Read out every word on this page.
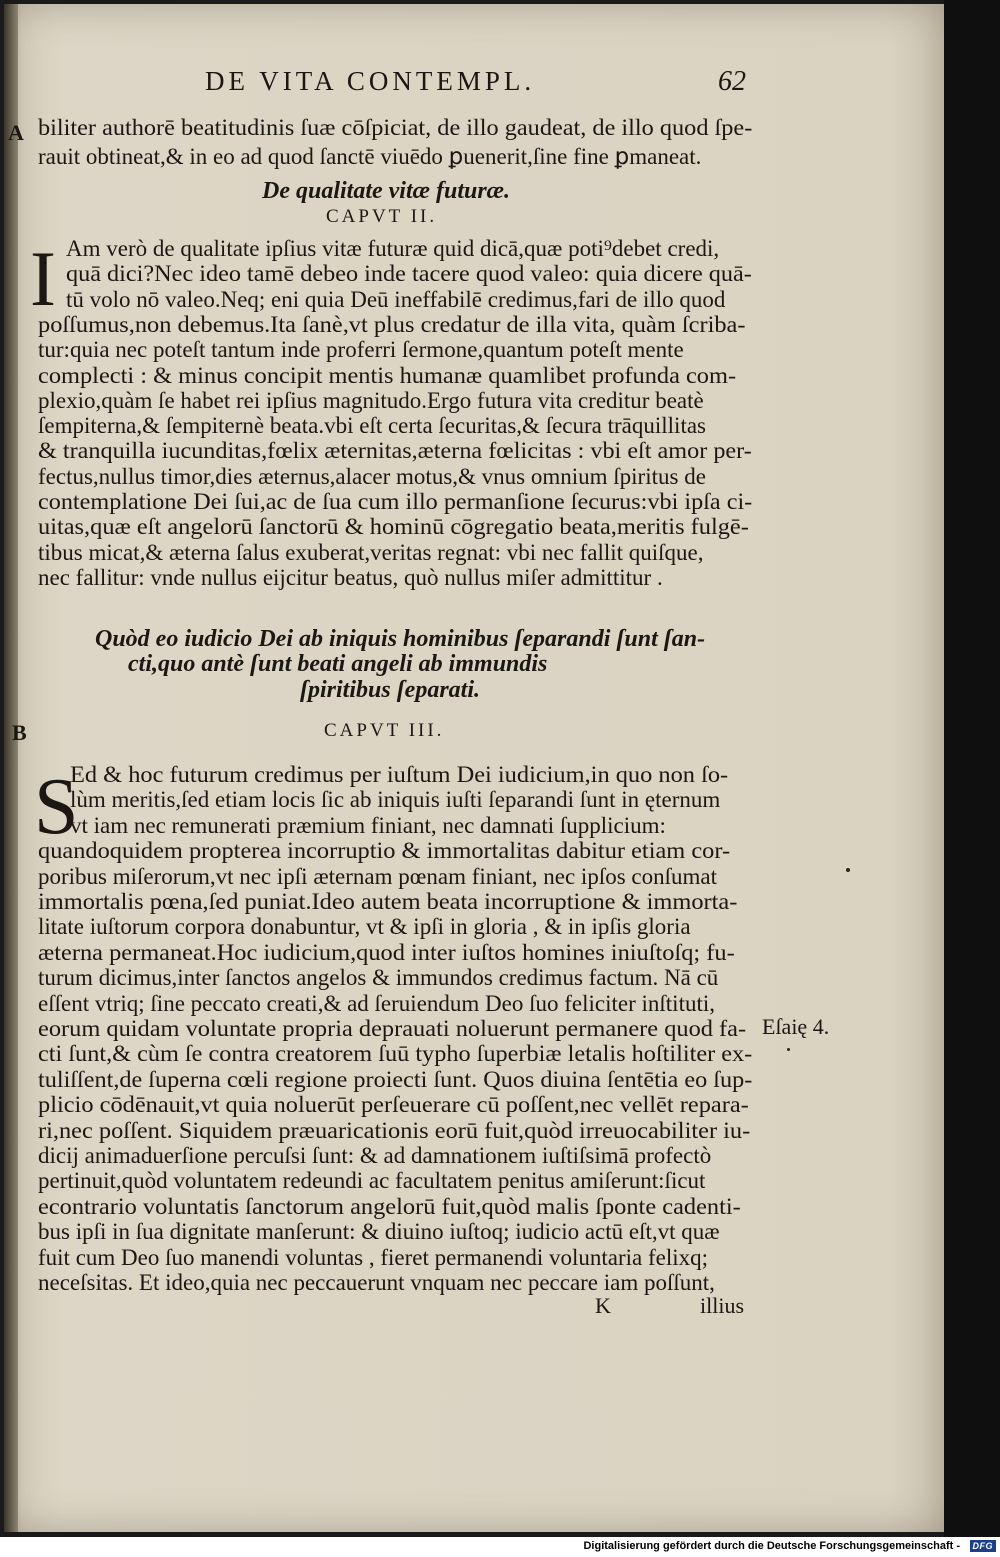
DE VITA CONTEMPL.	62
A biliter authorē beatitudinis ſuæ cōſpiciat, de illo gaudeat, de illo quod ſpe-
rauit obtineat,& in eo ad quod ſanctē viuēdo ꝑuenerit,ſine fine ꝑmaneat.
De qualitate vitæ futuræ.
CAPVT II.
I Am verò de qualitate ipſius vitæ futuræ quid dicā,quæ poti⁹debet credi,
quā dici?Nec ideo tamē debeo inde tacere quod valeo: quia dicere quā-
tū volo nō valeo.Neq; eni quia Deū ineffabilē credimus,fari de illo quod
poſſumus,non debemus.Ita ſanè,vt plus credatur de illa vita, quàm ſcriba-
tur:quia nec poteſt tantum inde proferri ſermone,quantum poteſt mente
complecti : & minus concipit mentis humanæ quamlibet profunda com-
plexio,quàm ſe habet rei ipſius magnitudo.Ergo futura vita creditur beatè
ſempiterna,& ſempiternè beata.vbi eſt certa ſecuritas,& ſecura trāquillitas
& tranquilla iucunditas,fœlix æternitas,æterna fœlicitas : vbi eſt amor per-
fectus,nullus timor,dies æternus,alacer motus,& vnus omnium ſpiritus de
contemplatione Dei ſui,ac de ſua cum illo permanſione ſecurus:vbi ipſa ci-
uitas,quæ eſt angelorū ſanctorū & hominū cōgregatio beata,meritis fulgē-
tibus micat,& æterna ſalus exuberat,veritas regnat: vbi nec fallit quiſque,
nec fallitur: vnde nullus eijcitur beatus, quò nullus miſer admittitur .
Quòd eo iudicio Dei ab iniquis hominibus ſeparandi ſunt ſan-
cti,quo antè ſunt beati angeli ab immundis
ſpiritibus ſeparati.
B	CAPVT III.
S
Ed & hoc futurum credimus per iuſtum Dei iudicium,in quo non ſo-
lùm meritis,ſed etiam locis ſic ab iniquis iuſti ſeparandi ſunt in ęternum
vt iam nec remunerati præmium finiant, nec damnati ſupplicium:
quandoquidem propterea incorruptio & immortalitas dabitur etiam cor-
poribus miſerorum,vt nec ipſi æternam pœnam finiant, nec ipſos conſumat
immortalis pœna,ſed puniat.Ideo autem beata incorruptione & immorta-
litate iuſtorum corpora donabuntur, vt & ipſi in gloria , & in ipſis gloria
æterna permaneat.Hoc iudicium,quod inter iuſtos homines iniuſtoſq; fu-
turum dicimus,inter ſanctos angelos & immundos credimus factum. Nā cū
eſſent vtriq; ſine peccato creati,& ad ſeruiendum Deo ſuo feliciter inſtituti,
eorum quidam voluntate propria deprauati noluerunt permanere quod fa-
cti ſunt,& cùm ſe contra creatorem ſuū typho ſuperbiæ letalis hoſtiliter ex-
tuliſſent,de ſuperna cœli regione proiecti ſunt. Quos diuina ſentētia eo ſup-
plicio cōdēnauit,vt quia noluerūt perſeuerare cū poſſent,nec vellēt repara-
ri,nec poſſent. Siquidem præuaricationis eorū fuit,quòd irreuocabiliter iu-
dicij animaduerſione percuſsi ſunt: & ad damnationem iuſtiſsimā profectò
pertinuit,quòd voluntatem redeundi ac facultatem penitus amiſerunt:ſicut
econtrario voluntatis ſanctorum angelorū fuit,quòd malis ſponte cadenti-
bus ipſi in ſua dignitate manſerunt: & diuino iuſtoq; iudicio actū eſt,vt quæ
fuit cum Deo ſuo manendi voluntas , fieret permanendi voluntaria felixq;
neceſsitas. Et ideo,quia nec peccauerunt vnquam nec peccare iam poſſunt,
Eſaię 4.
K	illius
Digitalisierung gefördert durch die Deutsche Forschungsgemeinschaft -	DFG
